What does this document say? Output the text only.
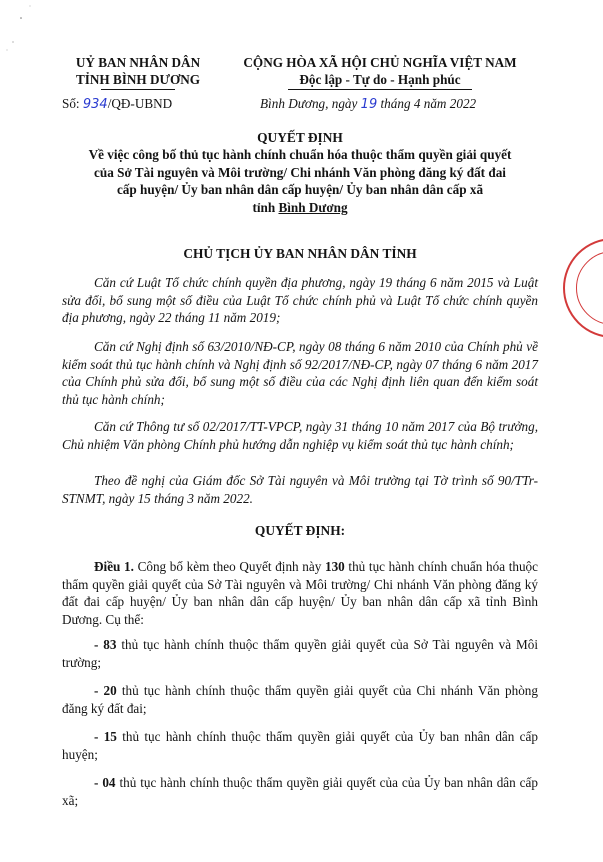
UỶ BAN NHÂN DÂN
TỈNH BÌNH DƯƠNG
Số: 934/QĐ-UBND
CỘNG HÒA XÃ HỘI CHỦ NGHĨA VIỆT NAM
Độc lập - Tự do - Hạnh phúc
Bình Dương, ngày 19 tháng 4 năm 2022
QUYẾT ĐỊNH
Về việc công bố thủ tục hành chính chuẩn hóa thuộc thẩm quyền giải quyết
của Sở Tài nguyên và Môi trường/ Chi nhánh Văn phòng đăng ký đất đai
cấp huyện/ Ủy ban nhân dân cấp huyện/ Ủy ban nhân dân cấp xã
tỉnh Bình Dương
CHỦ TỊCH ỦY BAN NHÂN DÂN TỈNH

Căn cứ Luật Tổ chức chính quyền địa phương, ngày 19 tháng 6 năm 2015 và Luật sửa đổi, bổ sung một số điều của Luật Tổ chức chính phủ và Luật Tổ chức chính quyền địa phương, ngày 22 tháng 11 năm 2019;

Căn cứ Nghị định số 63/2010/NĐ-CP, ngày 08 tháng 6 năm 2010 của Chính phủ về kiểm soát thủ tục hành chính và Nghị định số 92/2017/NĐ-CP, ngày 07 tháng 6 năm 2017 của Chính phủ sửa đổi, bổ sung một số điều của các Nghị định liên quan đến kiểm soát thủ tục hành chính;

Căn cứ Thông tư số 02/2017/TT-VPCP, ngày 31 tháng 10 năm 2017 của Bộ trưởng, Chủ nhiệm Văn phòng Chính phủ hướng dẫn nghiệp vụ kiểm soát thủ tục hành chính;

Theo đề nghị của Giám đốc Sở Tài nguyên và Môi trường tại Tờ trình số 90/TTr-STNMT, ngày 15 tháng 3 năm 2022.

QUYẾT ĐỊNH:

Điều 1. Công bố kèm theo Quyết định này 130 thủ tục hành chính chuẩn hóa thuộc thẩm quyền giải quyết của Sở Tài nguyên và Môi trường/ Chi nhánh Văn phòng đăng ký đất đai cấp huyện/ Ủy ban nhân dân cấp huyện/ Ủy ban nhân dân cấp xã tỉnh Bình Dương. Cụ thể:

- 83 thủ tục hành chính thuộc thẩm quyền giải quyết của Sở Tài nguyên và Môi trường;

- 20 thủ tục hành chính thuộc thẩm quyền giải quyết của Chi nhánh Văn phòng đăng ký đất đai;

- 15 thủ tục hành chính thuộc thẩm quyền giải quyết của Ủy ban nhân dân cấp huyện;

- 04 thủ tục hành chính thuộc thẩm quyền giải quyết của của Ủy ban nhân dân cấp xã;
